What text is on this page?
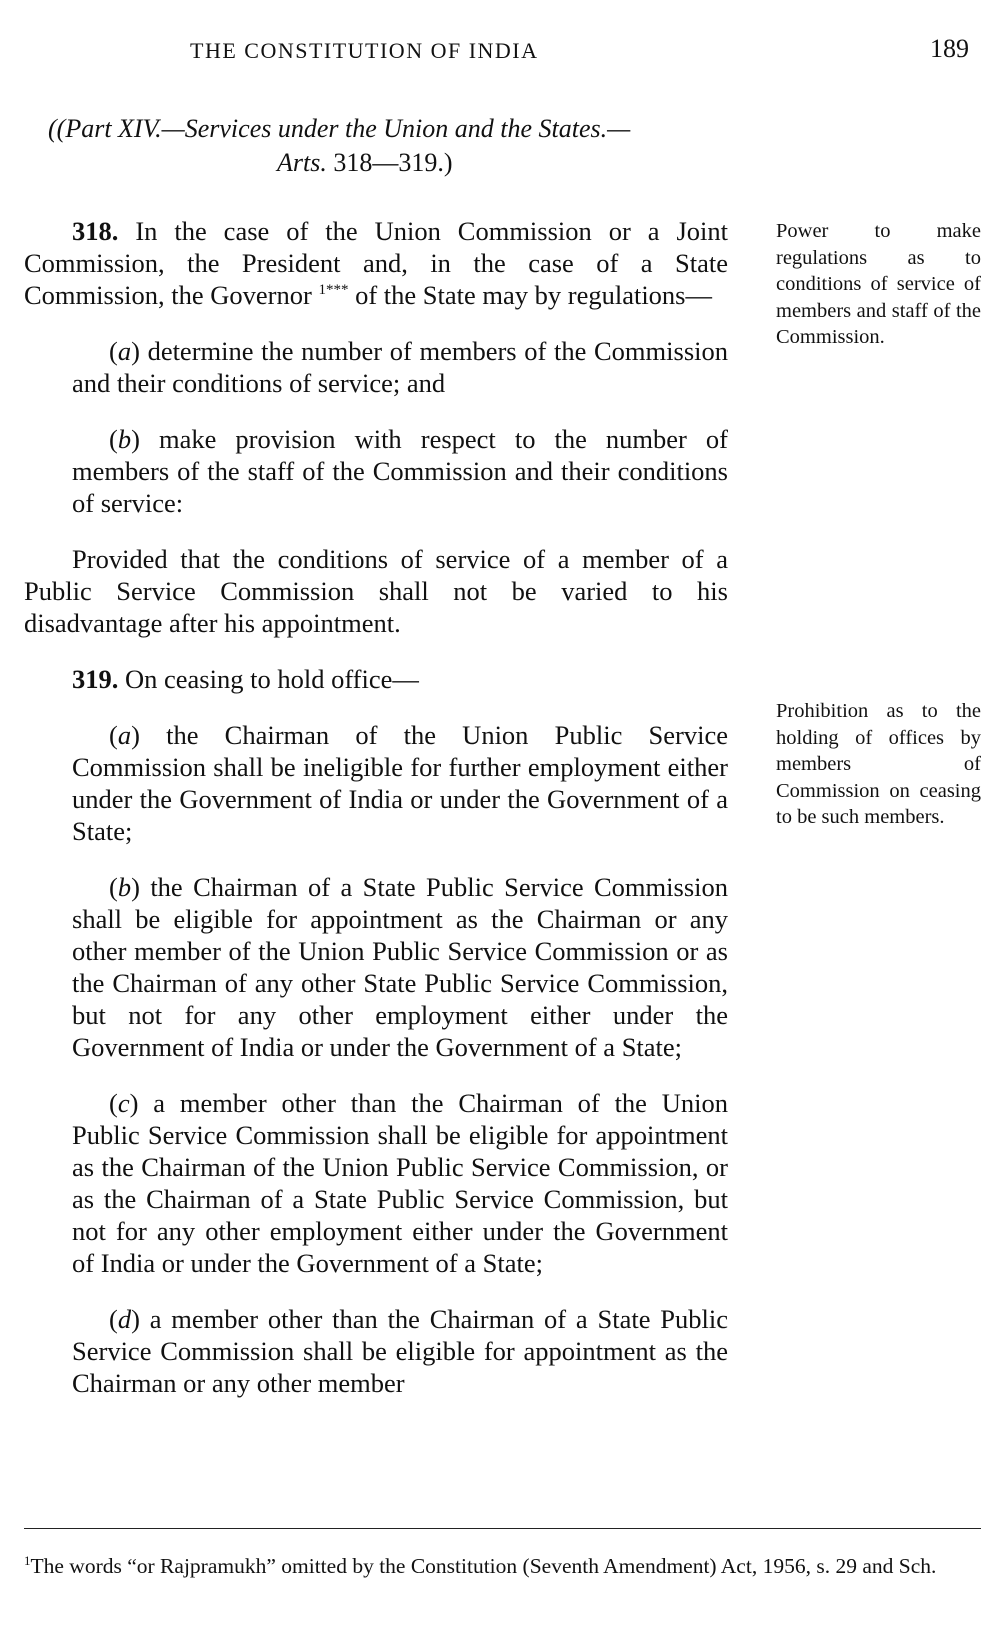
THE CONSTITUTION OF INDIA	189
((Part XIV.—Services under the Union and the States.—
Arts. 318—319.)

318. In the case of the Union Commission or a Joint Commission, the President and, in the case of a State Commission, the Governor $^{1***}$ of the State may by regulations—

(a) determine the number of members of the Commission and their conditions of service; and

(b) make provision with respect to the number of members of the staff of the Commission and their conditions of service:

Provided that the conditions of service of a member of a Public Service Commission shall not be varied to his disadvantage after his appointment.

319. On ceasing to hold office—

(a) the Chairman of the Union Public Service Commission shall be ineligible for further employment either under the Government of India or under the Government of a State;

(b) the Chairman of a State Public Service Commission shall be eligible for appointment as the Chairman or any other member of the Union Public Service Commission or as the Chairman of any other State Public Service Commission, but not for any other employment either under the Government of India or under the Government of a State;

(c) a member other than the Chairman of the Union Public Service Commission shall be eligible for appointment as the Chairman of the Union Public Service Commission, or as the Chairman of a State Public Service Commission, but not for any other employment either under the Government of India or under the Government of a State;

(d) a member other than the Chairman of a State Public Service Commission shall be eligible for appointment as the Chairman or any other member

Power to make regulations as to conditions of service of members and staff of the Commission.
Prohibition as to the holding of offices by members of Commission on ceasing to be such members.
$^1$The words “or Rajpramukh” omitted by the Constitution (Seventh Amendment) Act, 1956, s. 29 and Sch.
